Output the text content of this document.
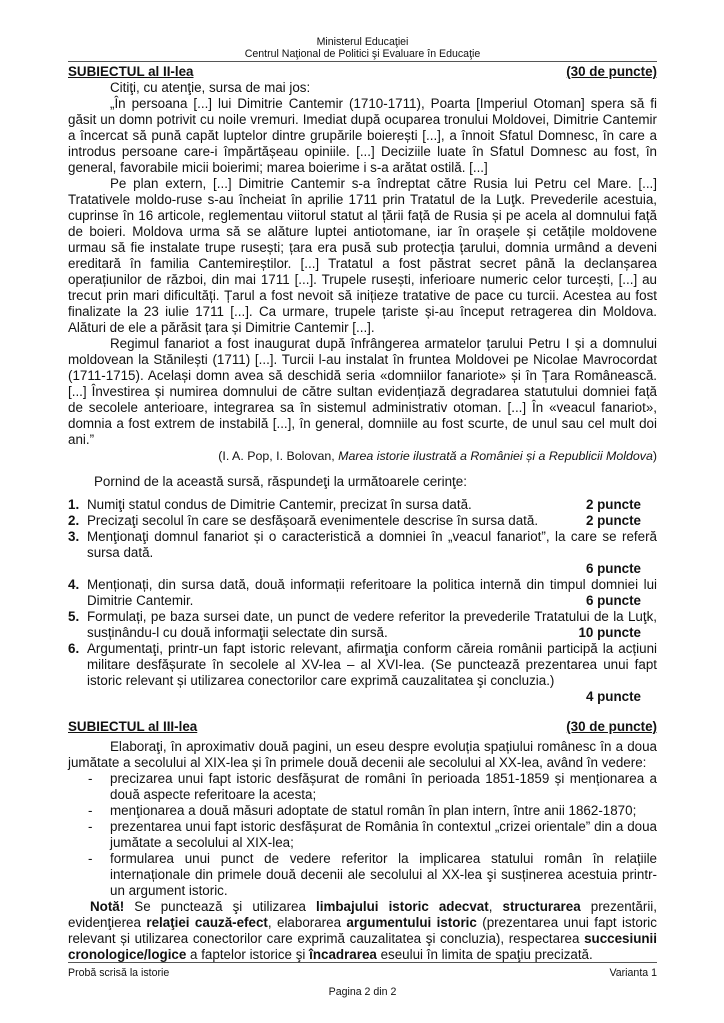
Ministerul Educaţiei
Centrul Naţional de Politici şi Evaluare în Educaţie
SUBIECTUL al II-lea	(30 de puncte)

Citiţi, cu atenţie, sursa de mai jos:

„În persoana [...] lui Dimitrie Cantemir (1710-1711), Poarta [Imperiul Otoman] spera să fi găsit un domn potrivit cu noile vremuri. Imediat după ocuparea tronului Moldovei, Dimitrie Cantemir a încercat să pună capăt luptelor dintre grupările boierești [...], a înnoit Sfatul Domnesc, în care a introdus persoane care-i împărtășeau opiniile. [...] Deciziile luate în Sfatul Domnesc au fost, în general, favorabile micii boierimi; marea boierime i s-a arătat ostilă. [...]

Pe plan extern, [...] Dimitrie Cantemir s-a îndreptat către Rusia lui Petru cel Mare. [...] Tratativele moldo-ruse s-au încheiat în aprilie 1711 prin Tratatul de la Luţk. Prevederile acestuia, cuprinse în 16 articole, reglementau viitorul statut al țării față de Rusia și pe acela al domnului față de boieri. Moldova urma să se alăture luptei antiotomane, iar în orașele și cetățile moldovene urmau să fie instalate trupe rusești; țara era pusă sub protecția țarului, domnia urmând a deveni ereditară în familia Cantemireștilor. [...] Tratatul a fost păstrat secret până la declanșarea operațiunilor de război, din mai 1711 [...]. Trupele rusești, inferioare numeric celor turcești, [...] au trecut prin mari dificultăți. Țarul a fost nevoit să inițieze tratative de pace cu turcii. Acestea au fost finalizate la 23 iulie 1711 [...]. Ca urmare, trupele țariste și-au început retragerea din Moldova. Alături de ele a părăsit țara și Dimitrie Cantemir [...].

Regimul fanariot a fost inaugurat după înfrângerea armatelor țarului Petru I și a domnului moldovean la Stănilești (1711) [...]. Turcii l-au instalat în fruntea Moldovei pe Nicolae Mavrocordat (1711-1715). Același domn avea să deschidă seria «domniilor fanariote» și în Țara Românească. [...] Învestirea și numirea domnului de către sultan evidențiază degradarea statutului domniei față de secolele anterioare, integrarea sa în sistemul administrativ otoman. [...] În «veacul fanariot», domnia a fost extrem de instabilă [...], în general, domniile au fost scurte, de unul sau cel mult doi ani.”

(I. A. Pop, I. Bolovan, Marea istorie ilustrată a României și a Republicii Moldova)

Pornind de la această sursă, răspundeţi la următoarele cerinţe:

1. Numiţi statul condus de Dimitrie Cantemir, precizat în sursa dată.	2 puncte
2. Precizaţi secolul în care se desfășoară evenimentele descrise în sursa dată.	2 puncte
3. Menţionaţi domnul fanariot și o caracteristică a domniei în „veacul fanariot”, la care se referă sursa dată.

6 puncte
4. Menționați, din sursa dată, două informații referitoare la politica internă din timpul domniei lui Dimitrie Cantemir.	6 puncte
5. Formulați, pe baza sursei date, un punct de vedere referitor la prevederile Tratatului de la Luţk, susținându-l cu două informaţii selectate din sursă.	10 puncte
6. Argumentaţi, printr-un fapt istoric relevant, afirmaţia conform căreia românii participă la acțiuni militare desfășurate în secolele al XV-lea – al XVI-lea. (Se punctează prezentarea unui fapt istoric relevant și utilizarea conectorilor care exprimă cauzalitatea şi concluzia.)

4 puncte
SUBIECTUL al III-lea	(30 de puncte)

Elaboraţi, în aproximativ două pagini, un eseu despre evoluția spațiului românesc în a doua jumătate a secolului al XIX-lea și în primele două decenii ale secolului al XX-lea, având în vedere:

-	precizarea unui fapt istoric desfășurat de români în perioada 1851-1859 și menționarea a două aspecte referitoare la acesta;
-	menţionarea a două măsuri adoptate de statul român în plan intern, între anii 1862-1870;
-	prezentarea unui fapt istoric desfășurat de România în contextul „crizei orientale” din a doua jumătate a secolului al XIX-lea;
-	formularea unui punct de vedere referitor la implicarea statului român în relațiile internaționale din primele două decenii ale secolului al XX-lea şi susținerea acestuia printr-un argument istoric.

Notă! Se punctează şi utilizarea limbajului istoric adecvat, structurarea prezentării, evidenţierea relaţiei cauză-efect, elaborarea argumentului istoric (prezentarea unui fapt istoric relevant și utilizarea conectorilor care exprimă cauzalitatea şi concluzia), respectarea succesiunii cronologice/logice a faptelor istorice şi încadrarea eseului în limita de spaţiu precizată.

Probă scrisă la istorie	Varianta 1
Pagina 2 din 2
